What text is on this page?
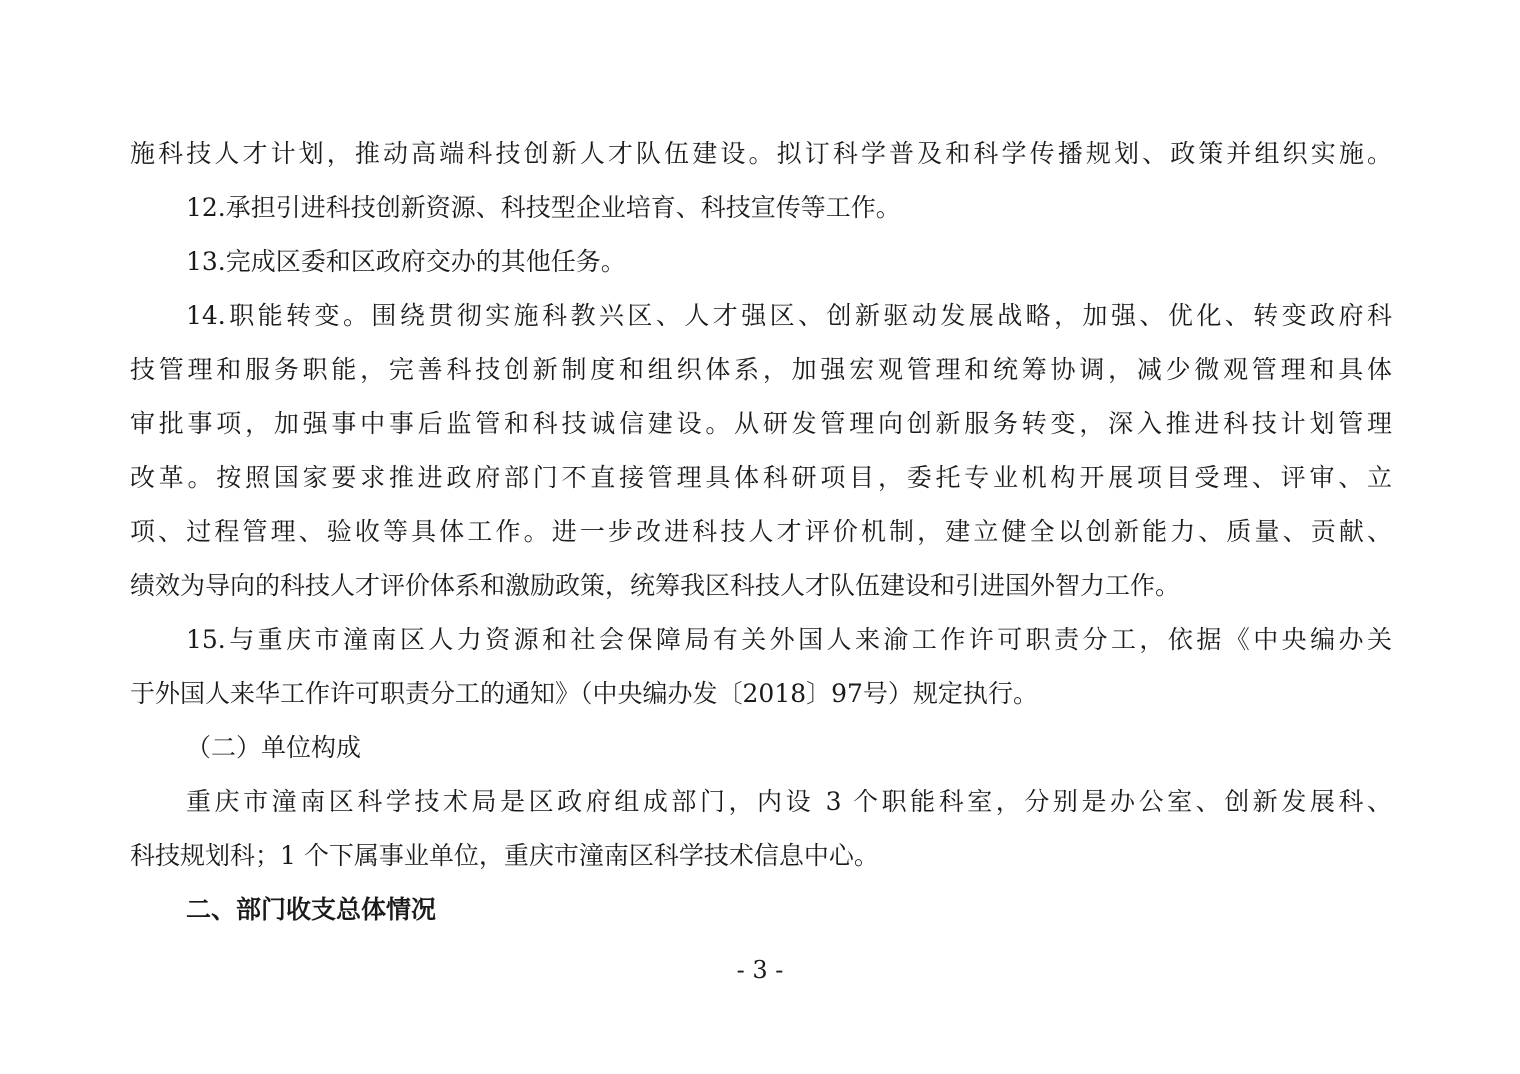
施科技人才计划，推动高端科技创新人才队伍建设。拟订科学普及和科学传播规划、政策并组织实施。
12.承担引进科技创新资源、科技型企业培育、科技宣传等工作。
13.完成区委和区政府交办的其他任务。
14.职能转变。围绕贯彻实施科教兴区、人才强区、创新驱动发展战略，加强、优化、转变政府科
技管理和服务职能，完善科技创新制度和组织体系，加强宏观管理和统筹协调，减少微观管理和具体
审批事项，加强事中事后监管和科技诚信建设。从研发管理向创新服务转变，深入推进科技计划管理
改革。按照国家要求推进政府部门不直接管理具体科研项目，委托专业机构开展项目受理、评审、立
项、过程管理、验收等具体工作。进一步改进科技人才评价机制，建立健全以创新能力、质量、贡献、
绩效为导向的科技人才评价体系和激励政策，统筹我区科技人才队伍建设和引进国外智力工作。
15.与重庆市潼南区人力资源和社会保障局有关外国人来渝工作许可职责分工，依据《中央编办关
于外国人来华工作许可职责分工的通知》（中央编办发〔2018〕97号）规定执行。
（二）单位构成
重庆市潼南区科学技术局是区政府组成部门，内设 3 个职能科室，分别是办公室、创新发展科、
科技规划科；1 个下属事业单位，重庆市潼南区科学技术信息中心。
二、部门收支总体情况
- 3 -
